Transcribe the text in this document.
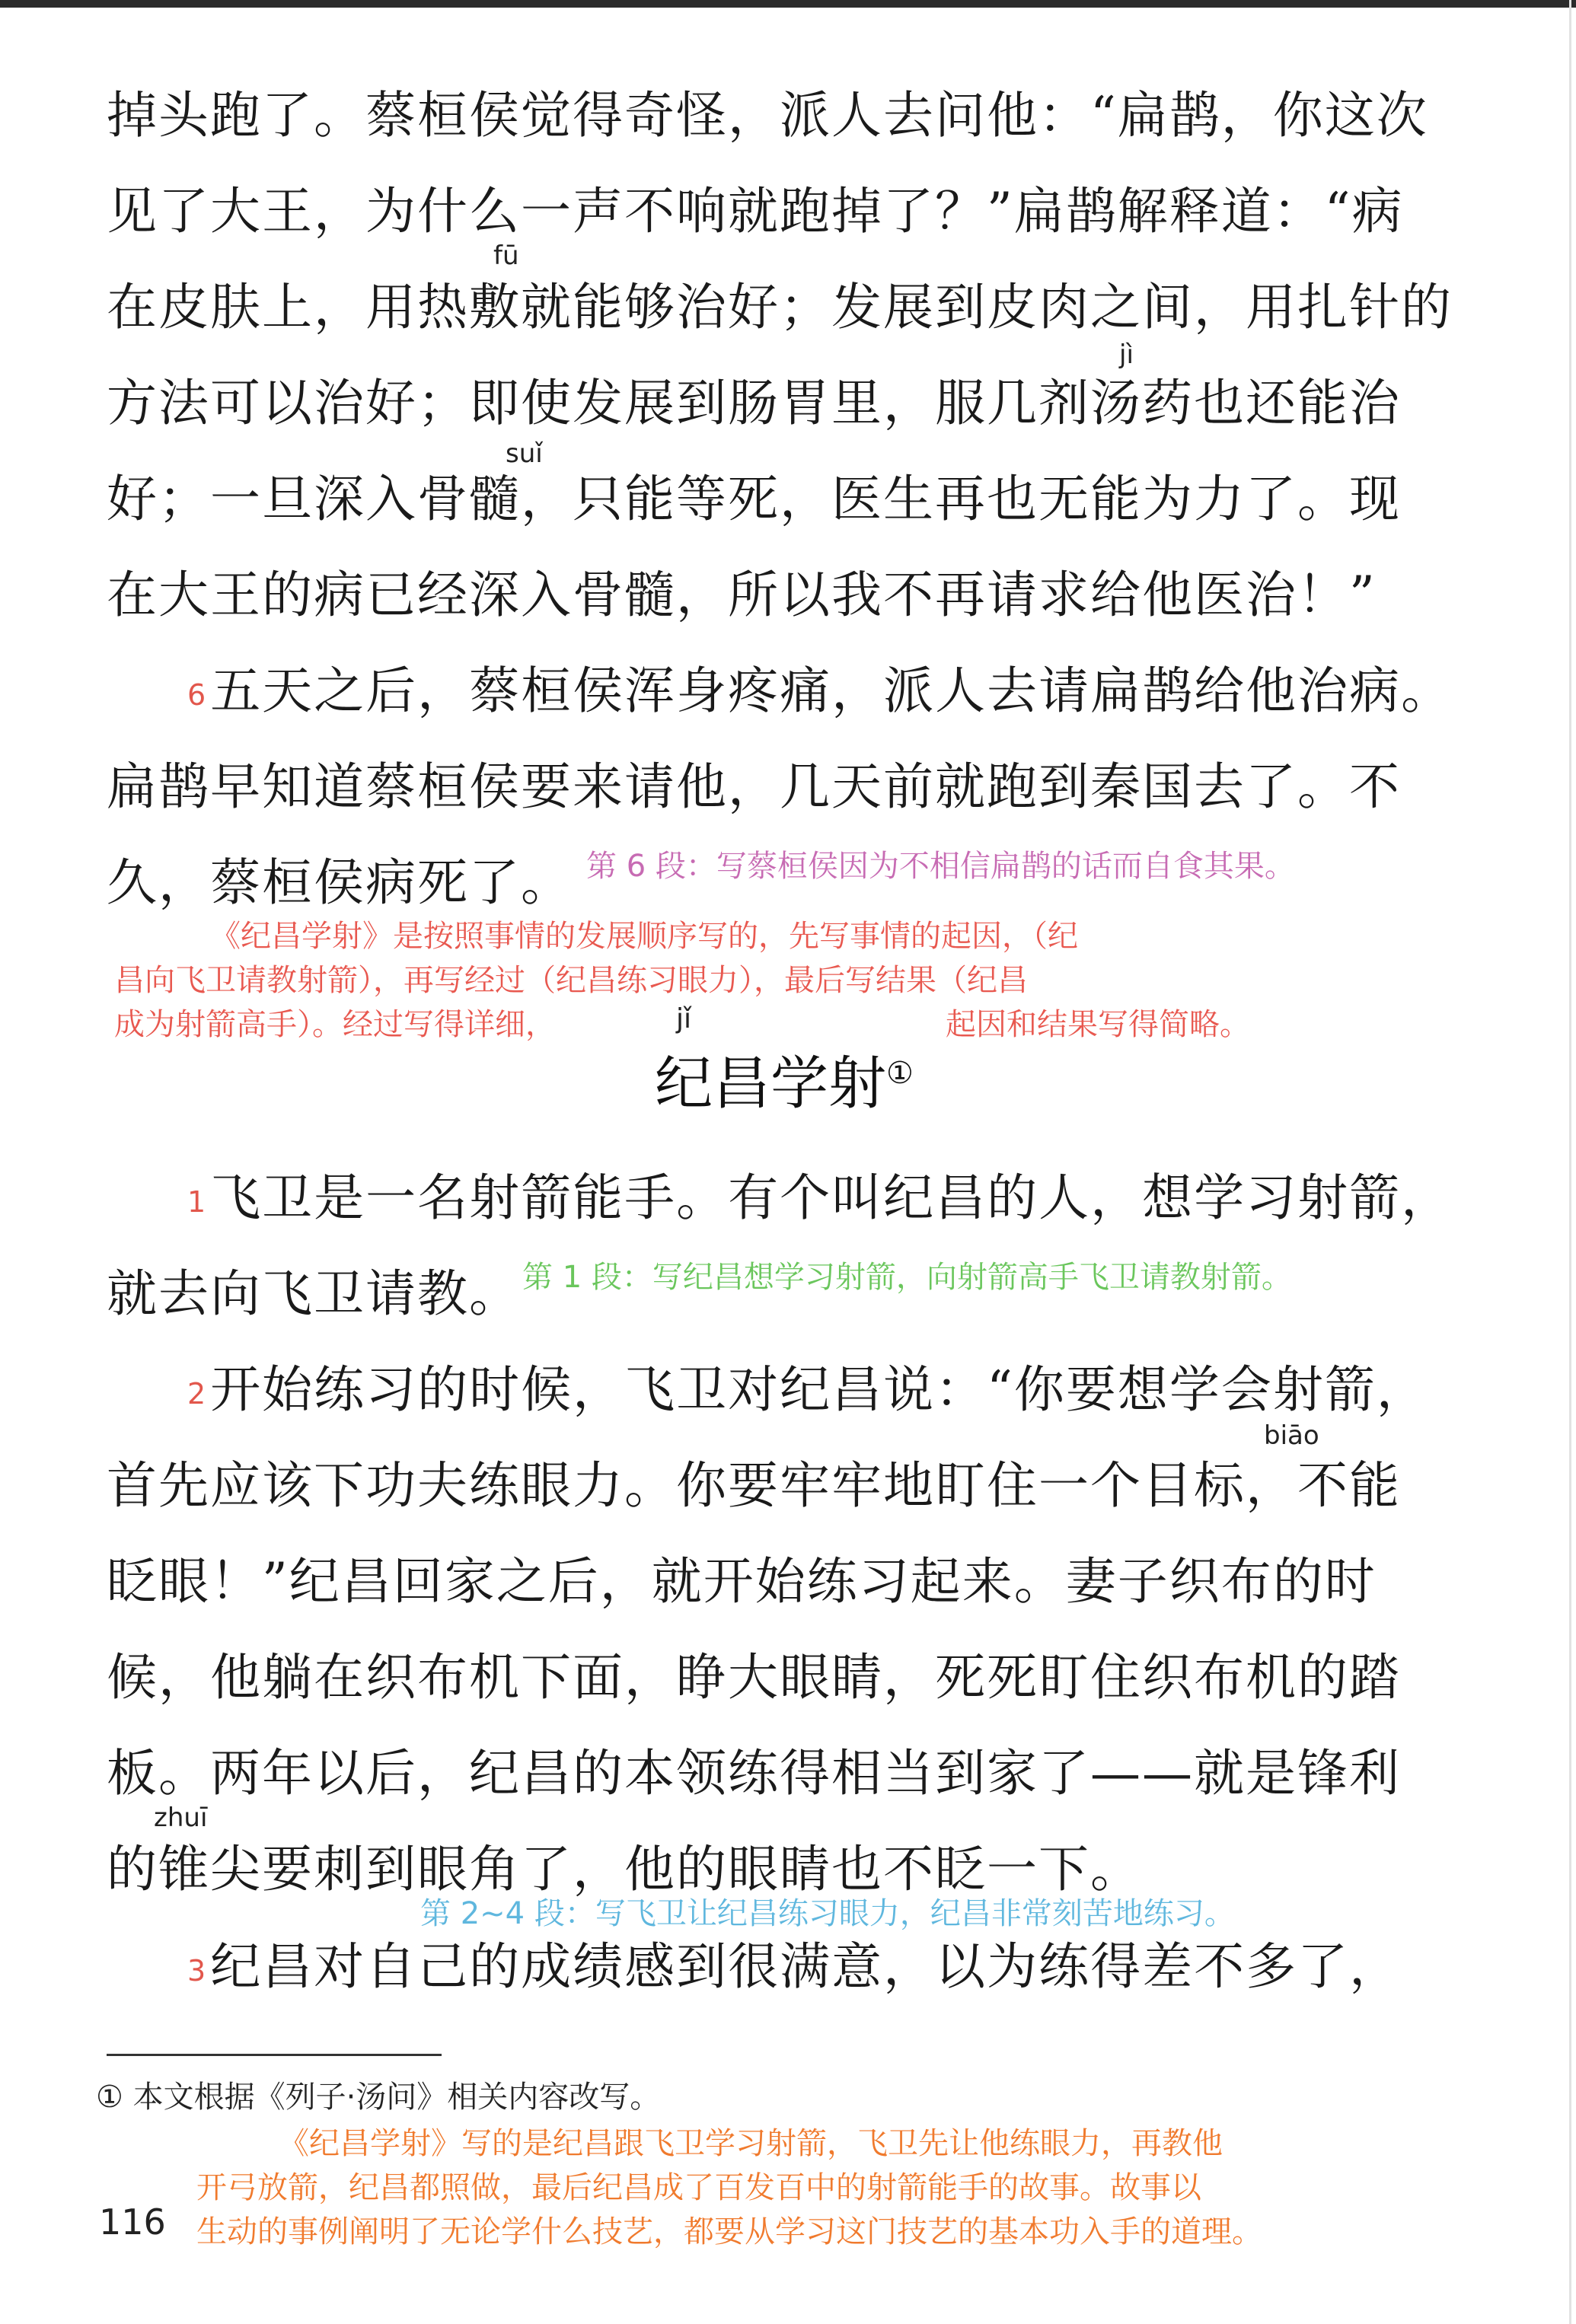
掉头跑了。蔡桓侯觉得奇怪，派人去问他：“扁鹊，你这次
见了大王，为什么一声不响就跑掉了？”扁鹊解释道：“病
fū
在皮肤上，用热敷就能够治好；发展到皮肉之间，用扎针的
jì
方法可以治好；即使发展到肠胃里，服几剂汤药也还能治
suǐ
好；一旦深入骨髓，只能等死，医生再也无能为力了。现
在大王的病已经深入骨髓，所以我不再请求给他医治！”
6五天之后，蔡桓侯浑身疼痛，派人去请扁鹊给他治病。
扁鹊早知道蔡桓侯要来请他，几天前就跑到秦国去了。不
久，蔡桓侯病死了。 第 6 段：写蔡桓侯因为不相信扁鹊的话而自食其果。
《纪昌学射》是按照事情的发展顺序写的，先写事情的起因，（纪
昌向飞卫请教射箭），再写经过（纪昌练习眼力），最后写结果（纪昌
成为射箭高手）。经过写得详细，	起因和结果写得简略。
jǐ
纪昌学射①
1飞卫是一名射箭能手。有个叫纪昌的人，想学习射箭，
就去向飞卫请教。 第 1 段：写纪昌想学习射箭，向射箭高手飞卫请教射箭。
2开始练习的时候，飞卫对纪昌说：“你要想学会射箭，
biāo
首先应该下功夫练眼力。你要牢牢地盯住一个目标，不能
眨眼！”纪昌回家之后，就开始练习起来。妻子织布的时
候，他躺在织布机下面，睁大眼睛，死死盯住织布机的踏
板。两年以后，纪昌的本领练得相当到家了——就是锋利
zhuī
的锥尖要刺到眼角了，他的眼睛也不眨一下。
第 2~4 段：写飞卫让纪昌练习眼力，纪昌非常刻苦地练习。
3纪昌对自己的成绩感到很满意，以为练得差不多了，
① 本文根据《列子·汤问》相关内容改写。
《纪昌学射》写的是纪昌跟飞卫学习射箭，飞卫先让他练眼力，再教他
开弓放箭，纪昌都照做，最后纪昌成了百发百中的射箭能手的故事。故事以
生动的事例阐明了无论学什么技艺，都要从学习这门技艺的基本功入手的道理。
116
